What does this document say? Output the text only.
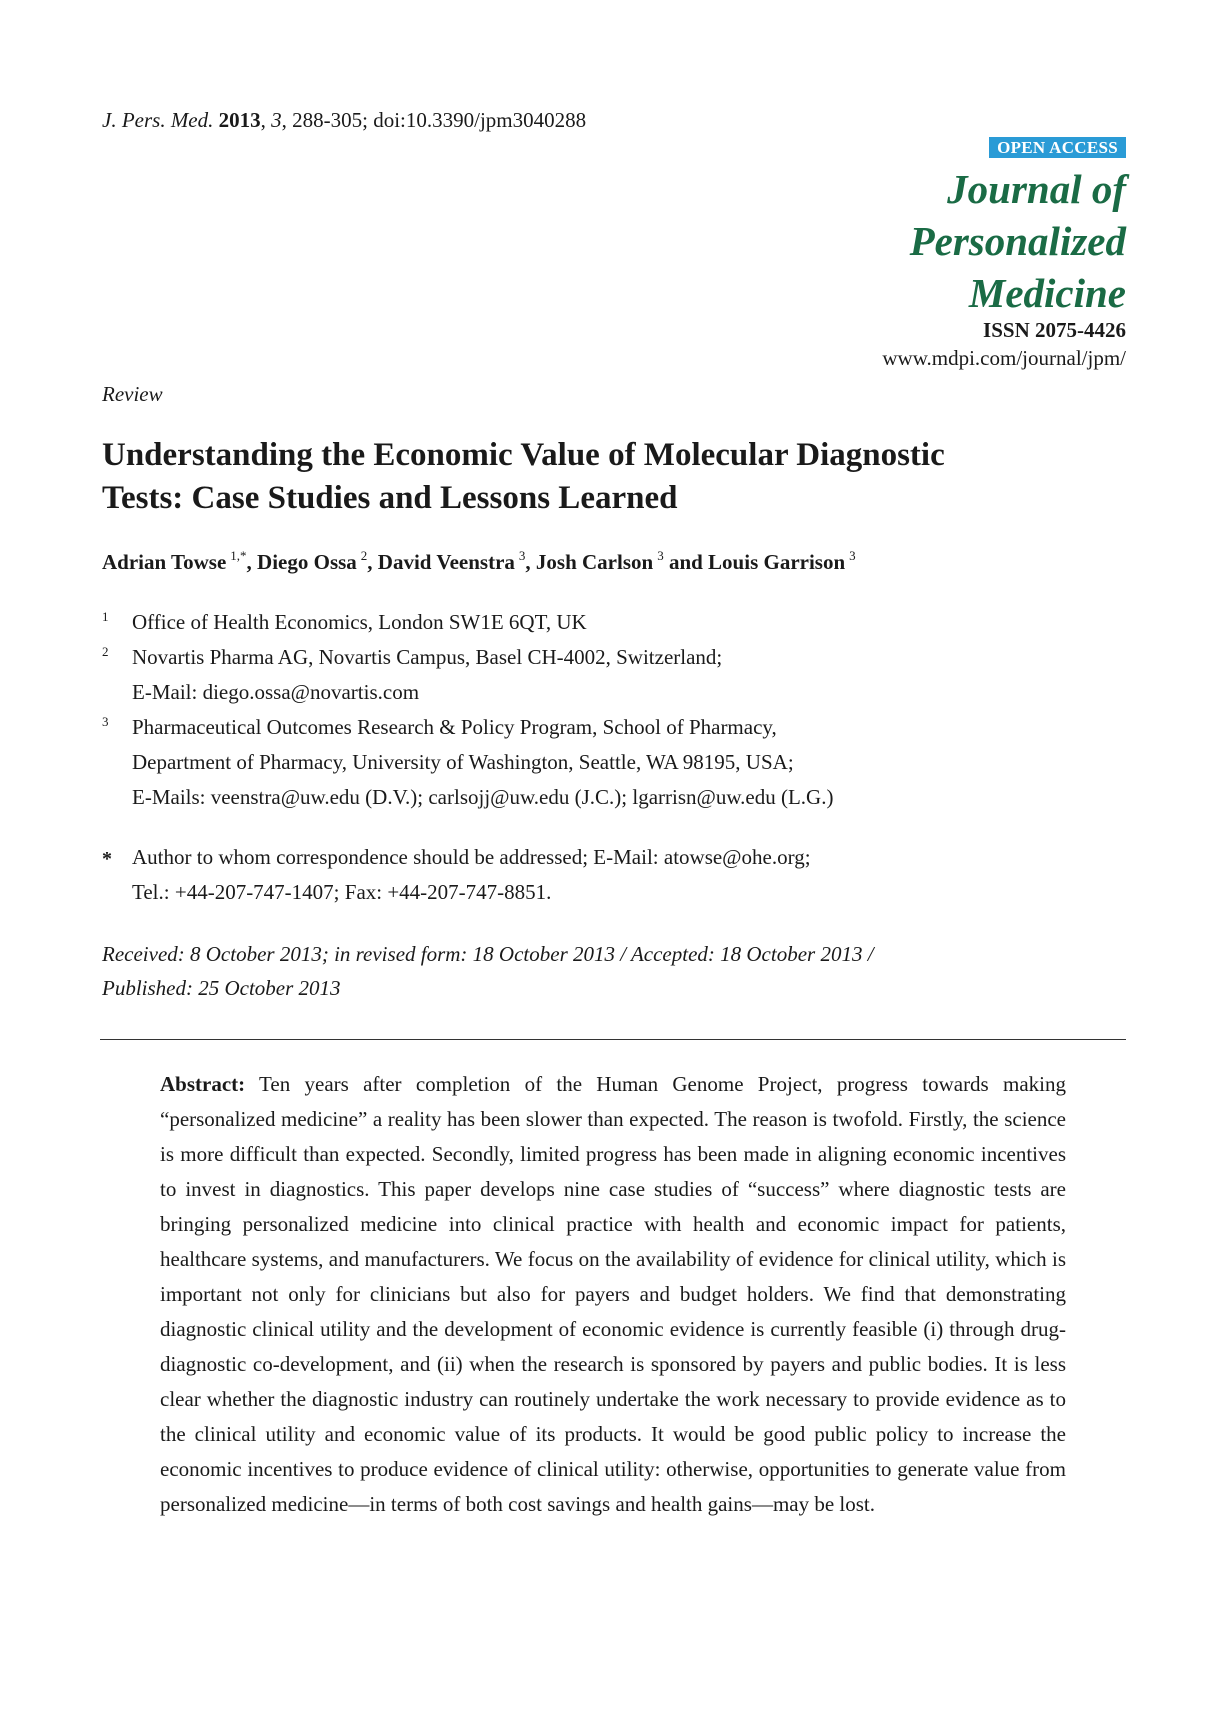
J. Pers. Med. 2013, 3, 288-305; doi:10.3390/jpm3040288
OPEN ACCESS
Journal of
Personalized
Medicine
ISSN 2075-4426
www.mdpi.com/journal/jpm/
Review
Understanding the Economic Value of Molecular Diagnostic
Tests: Case Studies and Lessons Learned
Adrian Towse $^{1,*}$, Diego Ossa $^2$, David Veenstra $^3$, Josh Carlson $^3$ and Louis Garrison $^3$
1 Office of Health Economics, London SW1E 6QT, UK
2 Novartis Pharma AG, Novartis Campus, Basel CH-4002, Switzerland;
E-Mail: diego.ossa@novartis.com
3 Pharmaceutical Outcomes Research & Policy Program, School of Pharmacy,
Department of Pharmacy, University of Washington, Seattle, WA 98195, USA;
E-Mails: veenstra@uw.edu (D.V.); carlsojj@uw.edu (J.C.); lgarrisn@uw.edu (L.G.)
* Author to whom correspondence should be addressed; E-Mail: atowse@ohe.org;
Tel.: +44-207-747-1407; Fax: +44-207-747-8851.
Received: 8 October 2013; in revised form: 18 October 2013 / Accepted: 18 October 2013 /
Published: 25 October 2013
Abstract: Ten years after completion of the Human Genome Project, progress towards making “personalized medicine” a reality has been slower than expected. The reason is twofold. Firstly, the science is more difficult than expected. Secondly, limited progress has been made in aligning economic incentives to invest in diagnostics. This paper develops nine case studies of “success” where diagnostic tests are bringing personalized medicine into clinical practice with health and economic impact for patients, healthcare systems, and manufacturers. We focus on the availability of evidence for clinical utility, which is important not only for clinicians but also for payers and budget holders. We find that demonstrating diagnostic clinical utility and the development of economic evidence is currently feasible (i) through drug-diagnostic co-development, and (ii) when the research is sponsored by payers and public bodies. It is less clear whether the diagnostic industry can routinely undertake the work necessary to provide evidence as to the clinical utility and economic value of its products. It would be good public policy to increase the economic incentives to produce evidence of clinical utility: otherwise, opportunities to generate value from personalized medicine—in terms of both cost savings and health gains—may be lost.
